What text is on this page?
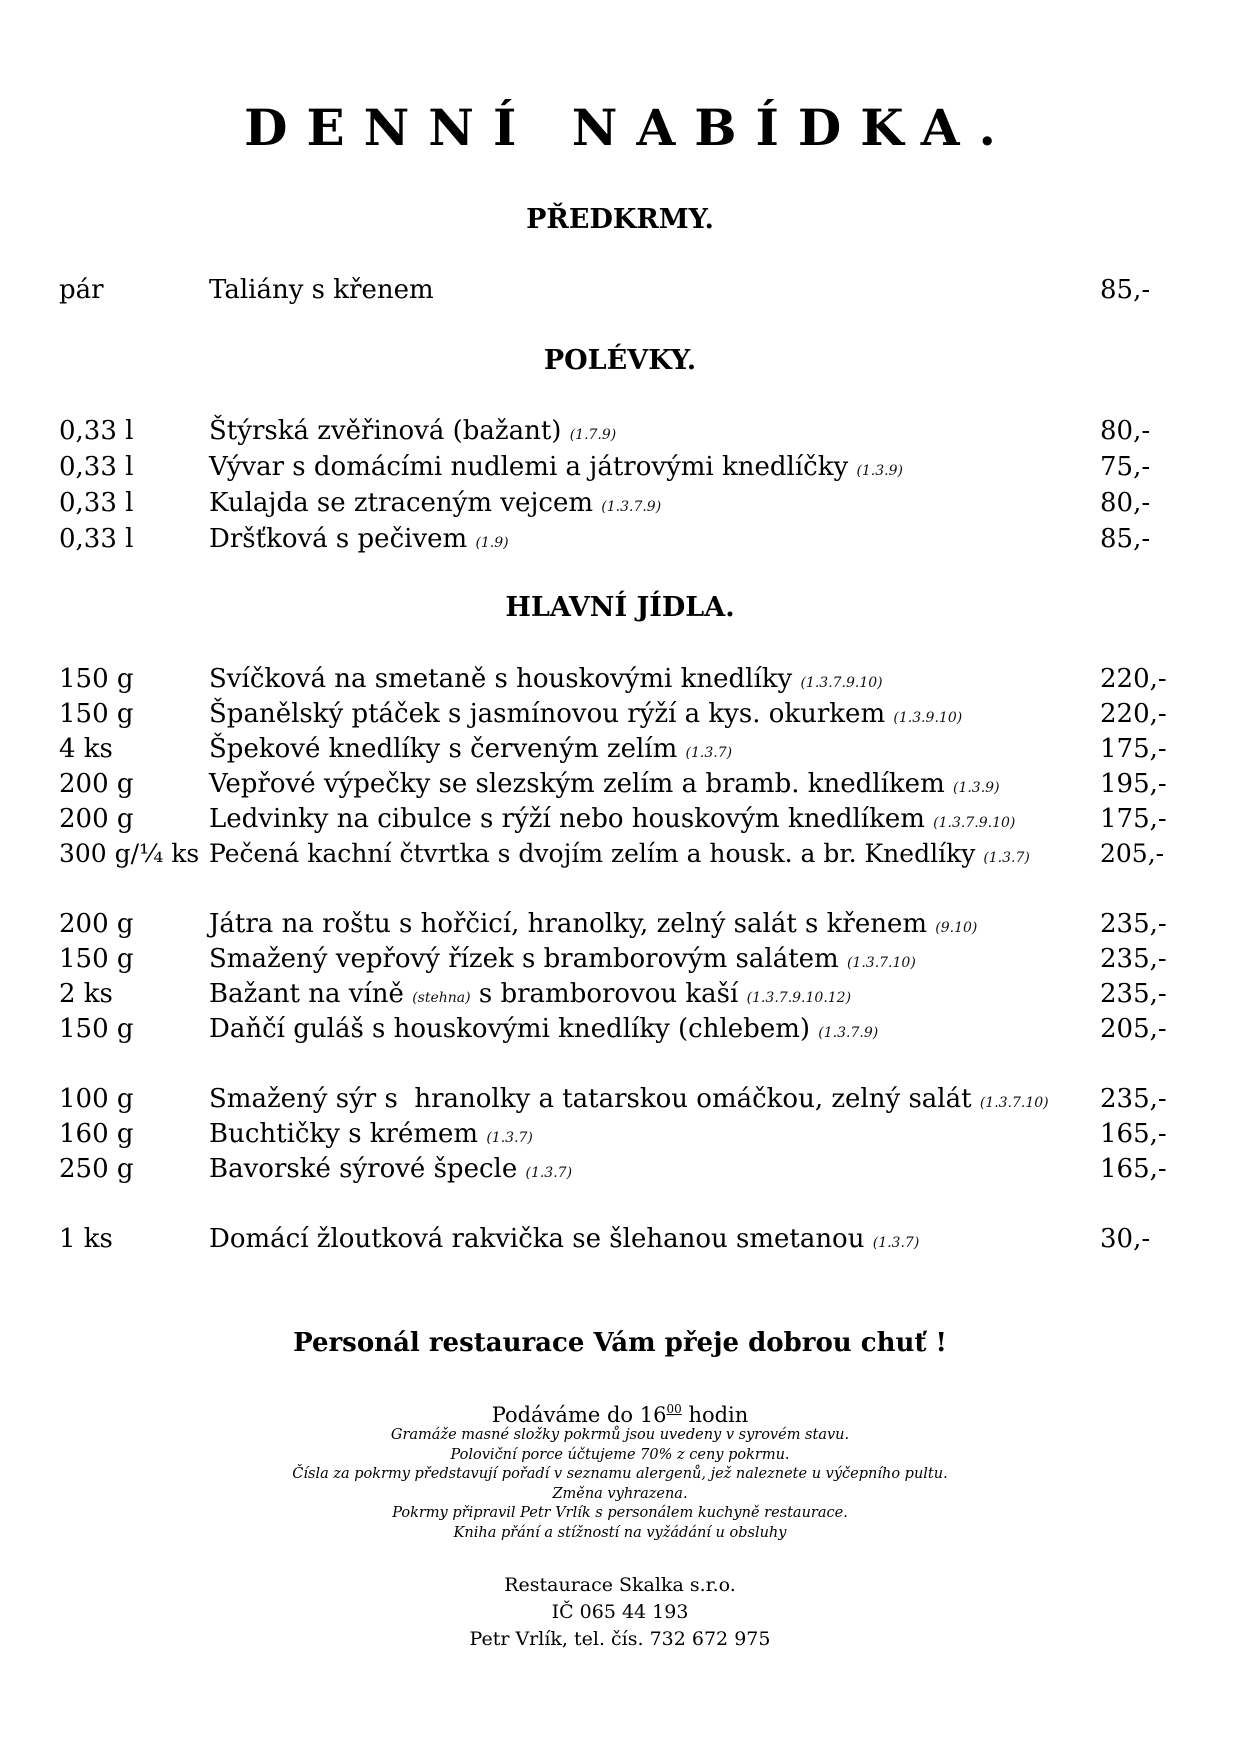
DENNÍ NABÍDKA.
PŘEDKRMY.
pár	Taliány s křenem	85,-
POLÉVKY.
0,33 l	Štýrská zvěřinová (bažant) (1.7.9)	80,-
0,33 l	Vývar s domácími nudlemi a játrovými knedlíčky (1.3.9)	75,-
0,33 l	Kulajda se ztraceným vejcem (1.3.7.9)	80,-
0,33 l	Dršťková s pečivem (1.9)	85,-
HLAVNÍ JÍDLA.
150 g	Svíčková na smetaně s houskovými knedlíky (1.3.7.9.10)	220,-
150 g	Španělský ptáček s jasmínovou rýží a kys. okurkem (1.3.9.10)	220,-
4 ks	Špekové knedlíky s červeným zelím (1.3.7)	175,-
200 g	Vepřové výpečky se slezským zelím a bramb. knedlíkem (1.3.9)	195,-
200 g	Ledvinky na cibulce s rýží nebo houskovým knedlíkem (1.3.7.9.10)	175,-
300 g/¼ ks Pečená kachní čtvrtka s dvojím zelím a housk. a br. Knedlíky (1.3.7)	205,-
200 g	Játra na roštu s hořčicí, hranolky, zelný salát s křenem (9.10)	235,-
150 g	Smažený vepřový řízek s bramborovým salátem (1.3.7.10)	235,-
2 ks	Bažant na víně (stehna) s bramborovou kaší (1.3.7.9.10.12)	235,-
150 g	Daňčí guláš s houskovými knedlíky (chlebem) (1.3.7.9)	205,-
100 g	Smažený sýr s  hranolky a tatarskou omáčkou, zelný salát (1.3.7.10) 235,-
160 g	Buchtičky s krémem (1.3.7)	165,-
250 g	Bavorské sýrové špecle (1.3.7)	165,-
1 ks	Domácí žloutková rakvička se šlehanou smetanou (1.3.7)	30,-
Personál restaurace Vám přeje dobrou chuť !
Podáváme do $16^{00}$ hodin
Gramáže masné složky pokrmů jsou uvedeny v syrovém stavu.
Poloviční porce účtujeme 70% z ceny pokrmu.
Čísla za pokrmy představují pořadí v seznamu alergenů, jež naleznete u výčepního pultu.
Změna vyhrazena.
Pokrmy připravil Petr Vrlík s personálem kuchyně restaurace.
Kniha přání a stížností na vyžádání u obsluhy
Restaurace Skalka s.r.o.
IČ 065 44 193
Petr Vrlík, tel. čís. 732 672 975
